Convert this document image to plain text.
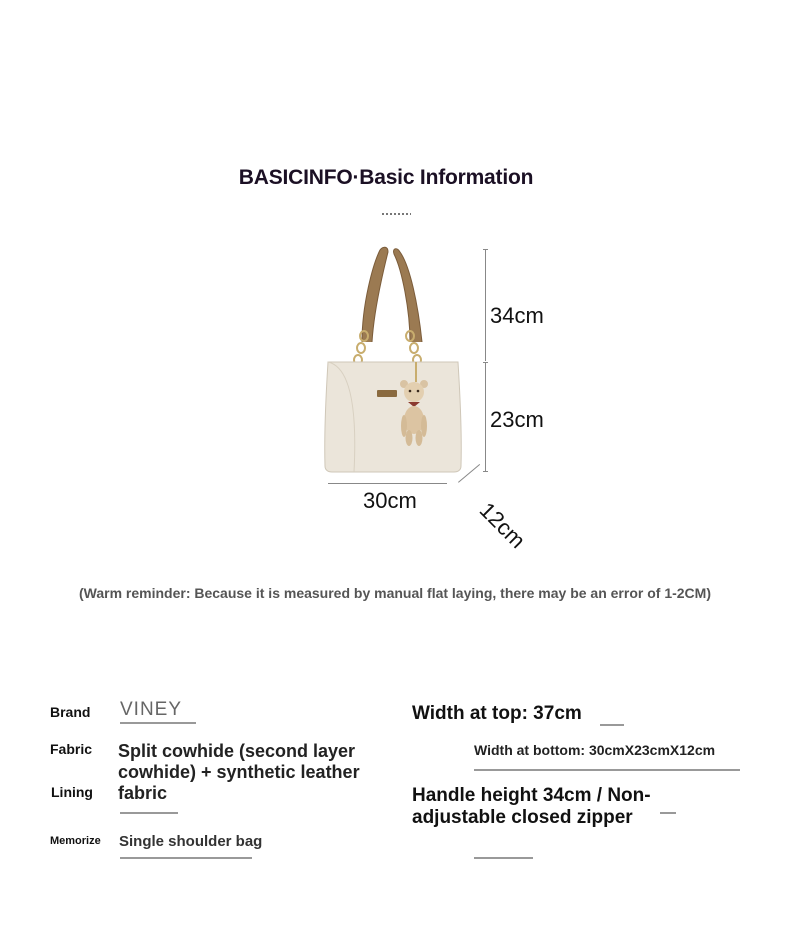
BASICINFO·Basic Information
34cm
23cm
30cm	12cm
(Warm reminder: Because it is measured by manual flat laying, there may be an error of 1-2CM)
Brand VINEY
Fabric Split cowhide (second layer cowhide) + synthetic leather fabric
Lining
Memorize Single shoulder bag
Width at top: 37cm
Width at bottom: 30cmX23cmX12cm
Handle height 34cm / Non-adjustable closed zipper
